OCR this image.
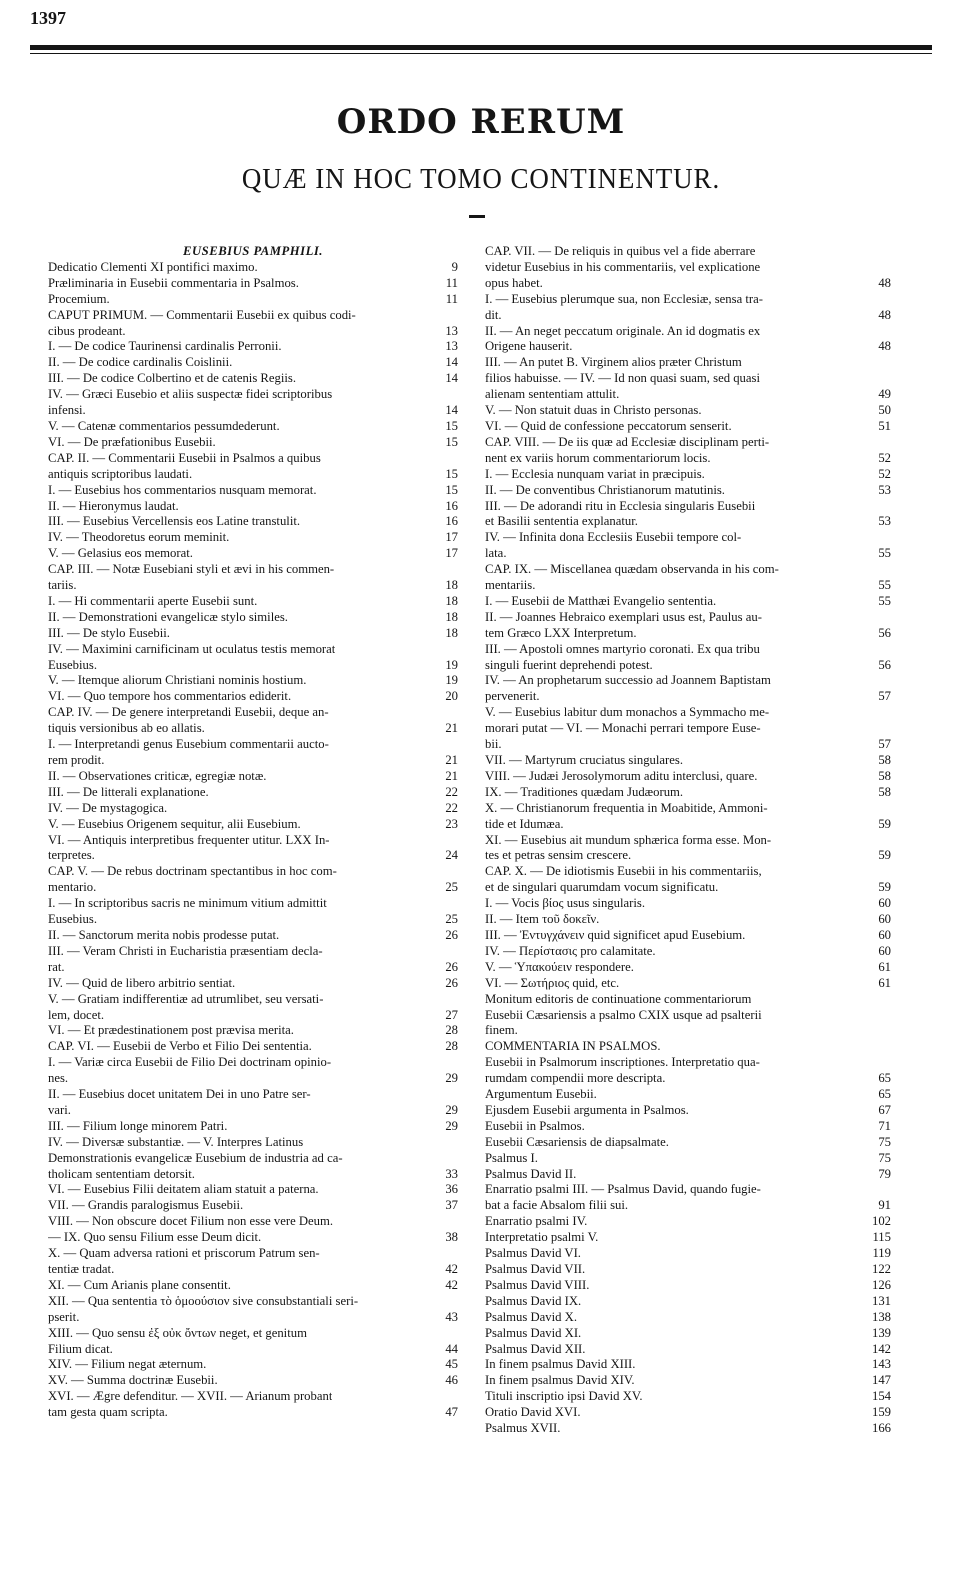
1397
ORDO RERUM
QUÆ IN HOC TOMO CONTINENTUR.
EUSEBIUS PAMPHILI.
Dedicatio Clementi XI pontifici maximo.	9
Præliminaria in Eusebii commentaria in Psalmos.	11
Procemium.	11
CAPUT PRIMUM. — Commentarii Eusebii ex quibus codi-
cibus prodeant.	13
I. — De codice Taurinensi cardinalis Perronii.	13
II. — De codice cardinalis Coislinii.	14
III. — De codice Colbertino et de catenis Regiis.	14
IV. — Græci Eusebio et aliis suspectæ fidei scriptoribus
infensi.	14
V. — Catenæ commentarios pessumdederunt.	15
VI. — De præfationibus Eusebii.	15
CAP. II. — Commentarii Eusebii in Psalmos a quibus
antiquis scriptoribus laudati.	15
I. — Eusebius hos commentarios nusquam memorat.	15
II. — Hieronymus laudat.	16
III. — Eusebius Vercellensis eos Latine transtulit.	16
IV. — Theodoretus eorum meminit.	17
V. — Gelasius eos memorat.	17
CAP. III. — Notæ Eusebiani styli et ævi in his commen-
tariis.	18
I. — Hi commentarii aperte Eusebii sunt.	18
II. — Demonstrationi evangelicæ stylo similes.	18
III. — De stylo Eusebii.	18
IV. — Maximini carnificinam ut oculatus testis memorat
Eusebius.	19
V. — Itemque aliorum Christiani nominis hostium.	19
VI. — Quo tempore hos commentarios ediderit.	20
CAP. IV. — De genere interpretandi Eusebii, deque an-
tiquis versionibus ab eo allatis.	21
I. — Interpretandi genus Eusebium commentarii aucto-
rem prodit.	21
II. — Observationes criticæ, egregiæ notæ.	21
III. — De litterali explanatione.	22
IV. — De mystagogica.	22
V. — Eusebius Origenem sequitur, alii Eusebium.	23
VI. — Antiquis interpretibus frequenter utitur. LXX In-
terpretes.	24
CAP. V. — De rebus doctrinam spectantibus in hoc com-
mentario.	25
I. — In scriptoribus sacris ne minimum vitium admittit
Eusebius.	25
II. — Sanctorum merita nobis prodesse putat.	26
III. — Veram Christi in Eucharistia præsentiam decla-
rat.	26
IV. — Quid de libero arbitrio sentiat.	26
V. — Gratiam indifferentiæ ad utrumlibet, seu versati-
lem, docet.	27
VI. — Et prædestinationem post prævisa merita.	28
CAP. VI. — Eusebii de Verbo et Filio Dei sententia.	28
I. — Variæ circa Eusebii de Filio Dei doctrinam opinio-
nes.	29
II. — Eusebius docet unitatem Dei in uno Patre ser-
vari.	29
III. — Filium longe minorem Patri.	29
IV. — Diversæ substantiæ. — V. Interpres Latinus
Demonstrationis evangelicæ Eusebium de industria ad ca-
tholicam sententiam detorsit.	33
VI. — Eusebius Filii deitatem aliam statuit a paterna.	36
VII. — Grandis paralogismus Eusebii.	37
VIII. — Non obscure docet Filium non esse vere Deum.
— IX. Quo sensu Filium esse Deum dicit.	38
X. — Quam adversa rationi et priscorum Patrum sen-
tentiæ tradat.	42
XI. — Cum Arianis plane consentit.	42
XII. — Qua sententia τὸ ὁμοούσιον sive consubstantiali seri-
pserit.	43
XIII. — Quo sensu ἐξ οὐκ ὄντων neget, et genitum
Filium dicat.	44
XIV. — Filium negat æternum.	45
XV. — Summa doctrinæ Eusebii.	46
XVI. — Ægre defenditur. — XVII. — Arianum probant
tam gesta quam scripta.	47
CAP. VII. — De reliquis in quibus vel a fide aberrare
videtur Eusebius in his commentariis, vel explicatione
opus habet.	48
I. — Eusebius plerumque sua, non Ecclesiæ, sensa tra-
dit.	48
II. — An neget peccatum originale. An id dogmatis ex
Origene hauserit.	48
III. — An putet B. Virginem alios præter Christum
filios habuisse. — IV. — Id non quasi suam, sed quasi
alienam sententiam attulit.	49
V. — Non statuit duas in Christo personas.	50
VI. — Quid de confessione peccatorum senserit.	51
CAP. VIII. — De iis quæ ad Ecclesiæ disciplinam perti-
nent ex variis horum commentariorum locis.	52
I. — Ecclesia nunquam variat in præcipuis.	52
II. — De conventibus Christianorum matutinis.	53
III. — De adorandi ritu in Ecclesia singularis Eusebii
et Basilii sententia explanatur.	53
IV. — Infinita dona Ecclesiis Eusebii tempore col-
lata.	55
CAP. IX. — Miscellanea quædam observanda in his com-
mentariis.	55
I. — Eusebii de Matthæi Evangelio sententia.	55
II. — Joannes Hebraico exemplari usus est, Paulus au-
tem Græco LXX Interpretum.	56
III. — Apostoli omnes martyrio coronati. Ex qua tribu
singuli fuerint deprehendi potest.	56
IV. — An prophetarum successio ad Joannem Baptistam
pervenerit.	57
V. — Eusebius labitur dum monachos a Symmacho me-
morari putat — VI. — Monachi perrari tempore Euse-
bii.	57
VII. — Martyrum cruciatus singulares.	58
VIII. — Judæi Jerosolymorum aditu interclusi, quare.	58
IX. — Traditiones quædam Judæorum.	58
X. — Christianorum frequentia in Moabitide, Ammoni-
tide et Idumæa.	59
XI. — Eusebius ait mundum sphærica forma esse. Mon-
tes et petras sensim crescere.	59
CAP. X. — De idiotismis Eusebii in his commentariis,
et de singulari quarumdam vocum significatu.	59
I. — Vocis βίος usus singularis.	60
II. — Item τοῦ δοκεῖν.	60
III. — Ἐντυγχάνειν quid significet apud Eusebium.	60
IV. — Περίστασις pro calamitate.	60
V. — Ὑπακούειν respondere.	61
VI. — Σωτήριος quid, etc.	61
Monitum editoris de continuatione commentariorum
Eusebii Cæsariensis a psalmo CXIX usque ad psalterii
finem.
COMMENTARIA IN PSALMOS.
Eusebii in Psalmorum inscriptiones. Interpretatio qua-
rumdam compendii more descripta.	65
Argumentum Eusebii.	65
Ejusdem Eusebii argumenta in Psalmos.	67
Eusebii in Psalmos.	71
Eusebii Cæsariensis de diapsalmate.	75
Psalmus I.	75
Psalmus David II.	79
Enarratio psalmi III. — Psalmus David, quando fugie-
bat a facie Absalom filii sui.	91
Enarratio psalmi IV.	102
Interpretatio psalmi V.	115
Psalmus David VI.	119
Psalmus David VII.	122
Psalmus David VIII.	126
Psalmus David IX.	131
Psalmus David X.	138
Psalmus David XI.	139
Psalmus David XII.	142
In finem psalmus David XIII.	143
In finem psalmus David XIV.	147
Tituli inscriptio ipsi David XV.	154
Oratio David XVI.	159
Psalmus XVII.	166
